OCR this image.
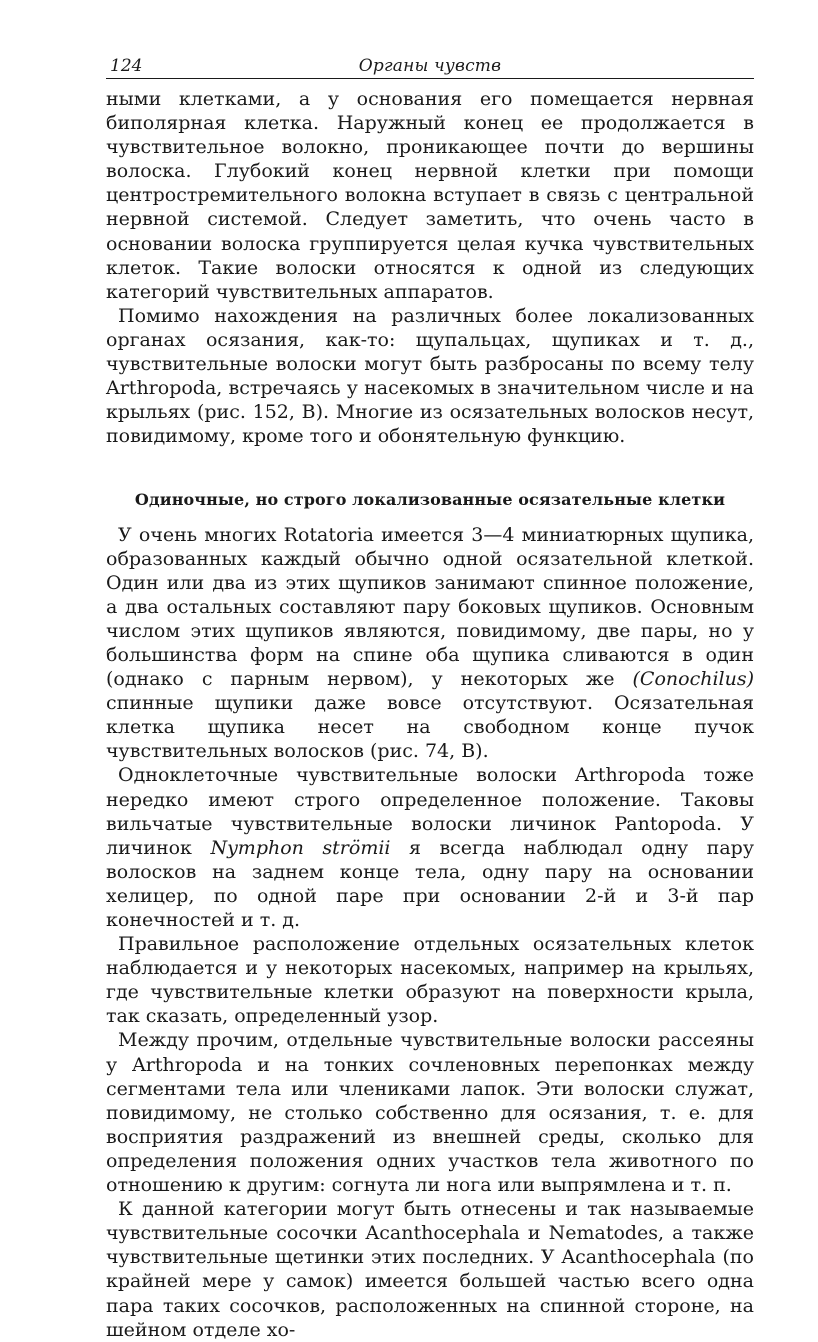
124	Органы чувств

ными клетками, а у основания его помещается нервная биполярная клетка. Наружный конец ее продолжается в чувствительное волокно, проникающее почти до вершины волоска. Глубокий конец нервной клетки при помощи центростремительного волокна вступает в связь с центральной нервной системой. Следует заметить, что очень часто в основании волоска группируется целая кучка чувствительных клеток. Такие волоски относятся к одной из следующих категорий чувствительных аппаратов.

Помимо нахождения на различных более локализованных органах осязания, как-то: щупальцах, щупиках и т. д., чувствительные волоски могут быть разбросаны по всему телу Arthropoda, встречаясь у насекомых в значительном числе и на крыльях (рис. 152, B). Многие из осязательных волосков несут, повидимому, кроме того и обонятельную функцию.

Одиночные, но строго локализованные осязательные клетки

У очень многих Rotatoria имеется 3—4 миниатюрных щупика, образованных каждый обычно одной осязательной клеткой. Один или два из этих щупиков занимают спинное положение, а два остальных составляют пару боковых щупиков. Основным числом этих щупиков являются, повидимому, две пары, но у большинства форм на спине оба щупика сливаются в один (однако с парным нервом), у некоторых же (Conochilus) спинные щупики даже вовсе отсутствуют. Осязательная клетка щупика несет на свободном конце пучок чувствительных волосков (рис. 74, B).

Одноклеточные чувствительные волоски Arthropoda тоже нередко имеют строго определенное положение. Таковы вильчатые чувствительные волоски личинок Pantopoda. У личинок Nymphon strömii я всегда наблюдал одну пару волосков на заднем конце тела, одну пару на основании хелицер, по одной паре при основании 2-й и 3-й пар конечностей и т. д.

Правильное расположение отдельных осязательных клеток наблюдается и у некоторых насекомых, например на крыльях, где чувствительные клетки образуют на поверхности крыла, так сказать, определенный узор.

Между прочим, отдельные чувствительные волоски рассеяны у Arthropoda и на тонких сочленовных перепонках между сегментами тела или члениками лапок. Эти волоски служат, повидимому, не столько собственно для осязания, т. е. для восприятия раздражений из внешней среды, сколько для определения положения одних участков тела животного по отношению к другим: согнута ли нога или выпрямлена и т. п.

К данной категории могут быть отнесены и так называемые чувствительные сосочки Acanthocephala и Nematodes, а также чувствительные щетинки этих последних. У Acanthocephala (по крайней мере у самок) имеется большей частью всего одна пара таких сосочков, расположенных на спинной стороне, на шейном отделе хо-
